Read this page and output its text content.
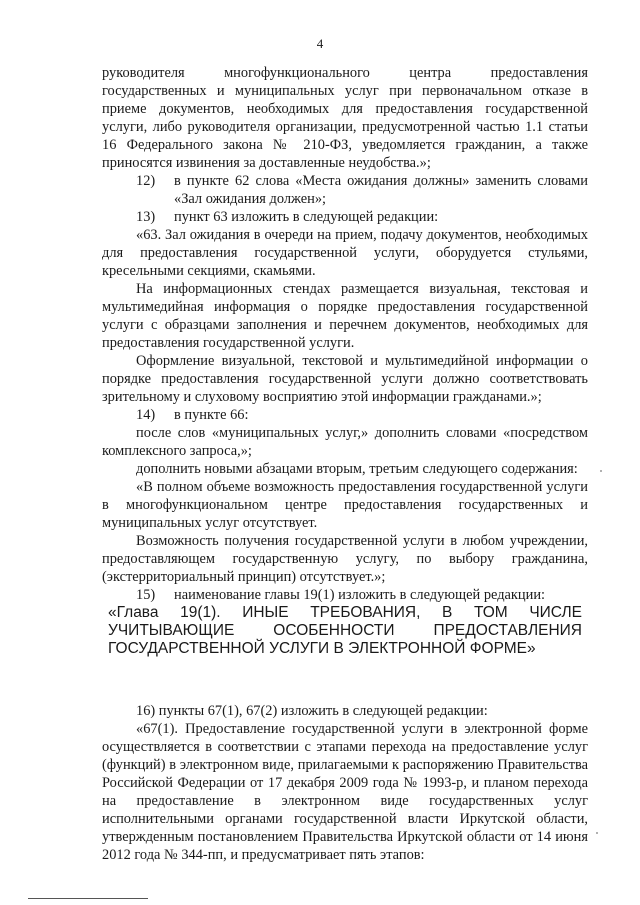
4

руководителя многофункционального центра предоставления государственных и муниципальных услуг при первоначальном отказе в приеме документов, необходимых для предоставления государственной услуги, либо руководителя организации, предусмотренной частью 1.1 статьи 16 Федерального закона № 210-ФЗ, уведомляется гражданин, а также приносятся извинения за доставленные неудобства.»;

12)	в пункте 62 слова «Места ожидания должны» заменить словами «Зал ожидания должен»;
13)	пункт 63 изложить в следующей редакции:

«63. Зал ожидания в очереди на прием, подачу документов, необходимых для предоставления государственной услуги, оборудуется стульями, кресельными секциями, скамьями.

На информационных стендах размещается визуальная, текстовая и мультимедийная информация о порядке предоставления государственной услуги с образцами заполнения и перечнем документов, необходимых для предоставления государственной услуги.

Оформление визуальной, текстовой и мультимедийной информации о порядке предоставления государственной услуги должно соответствовать зрительному и слуховому восприятию этой информации гражданами.»;

14)	в пункте 66:

после слов «муниципальных услуг,» дополнить словами «посредством комплексного запроса,»;

дополнить новыми абзацами вторым, третьим следующего содержания:

«В полном объеме возможность предоставления государственной услуги в многофункциональном центре предоставления государственных и муниципальных услуг отсутствует.

Возможность получения государственной услуги в любом учреждении, предоставляющем государственную услугу, по выбору гражданина, (экстерриториальный принцип) отсутствует.»;

15)	наименование главы 19(1) изложить в следующей редакции:

«Глава 19(1). ИНЫЕ ТРЕБОВАНИЯ, В ТОМ ЧИСЛЕ УЧИТЫВАЮЩИЕ ОСОБЕННОСТИ ПРЕДОСТАВЛЕНИЯ ГОСУДАРСТВЕННОЙ УСЛУГИ В ЭЛЕКТРОННОЙ ФОРМЕ»

16) пункты 67(1), 67(2) изложить в следующей редакции:

«67(1). Предоставление государственной услуги в электронной форме осуществляется в соответствии с этапами перехода на предоставление услуг (функций) в электронном виде, прилагаемыми к распоряжению Правительства Российской Федерации от 17 декабря 2009 года № 1993-р, и планом перехода на предоставление в электронном виде государственных услуг исполнительными органами государственной власти Иркутской области, утвержденным постановлением Правительства Иркутской области от 14 июня 2012 года № 344-пп, и предусматривает пять этапов:
